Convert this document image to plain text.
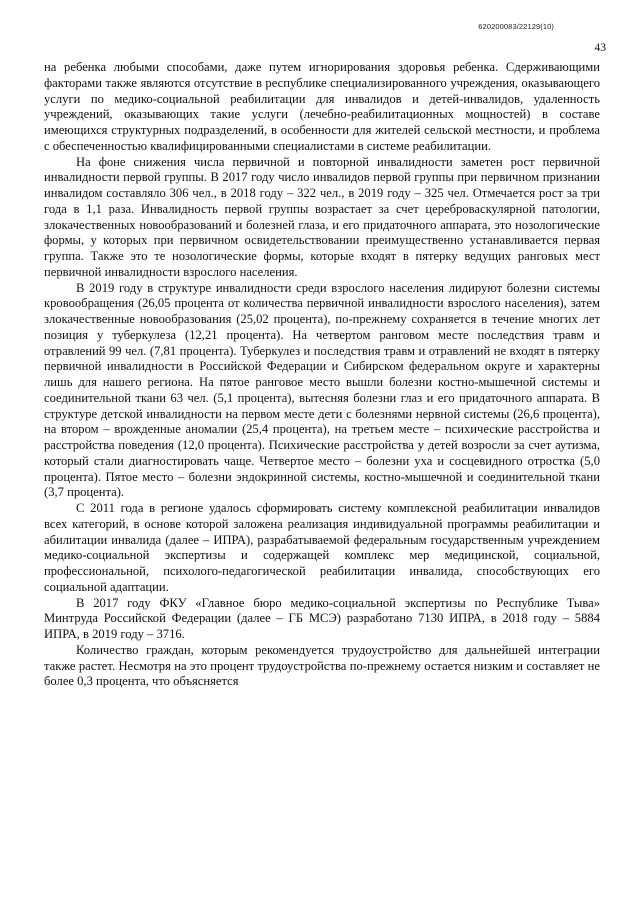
620200083/22129(10)
43

на ребенка любыми способами, даже путем игнорирования здоровья ребенка. Сдерживающими факторами также являются отсутствие в республике специализированного учреждения, оказывающего услуги по медико-социальной реабилитации для инвалидов и детей-инвалидов, удаленность учреждений, оказывающих такие услуги (лечебно-реабилитационных мощностей) в составе имеющихся структурных подразделений, в особенности для жителей сельской местности, и проблема с обеспеченностью квалифицированными специалистами в системе реабилитации.

На фоне снижения числа первичной и повторной инвалидности заметен рост первичной инвалидности первой группы. В 2017 году число инвалидов первой группы при первичном признании инвалидом составляло 306 чел., в 2018 году – 322 чел., в 2019 году – 325 чел. Отмечается рост за три года в 1,1 раза. Инвалидность первой группы возрастает за счет цереброваскулярной патологии, злокачественных новообразований и болезней глаза, и его придаточного аппарата, это нозологические формы, у которых при первичном освидетельствовании преимущественно устанавливается первая группа. Также это те нозологические формы, которые входят в пятерку ведущих ранговых мест первичной инвалидности взрослого населения.

В 2019 году в структуре инвалидности среди взрослого населения лидируют болезни системы кровообращения (26,05 процента от количества первичной инвалидности взрослого населения), затем злокачественные новообразования (25,02 процента), по-прежнему сохраняется в течение многих лет позиция у туберкулеза (12,21 процента). На четвертом ранговом месте последствия травм и отравлений 99 чел. (7,81 процента). Туберкулез и последствия травм и отравлений не входят в пятерку первичной инвалидности в Российской Федерации и Сибирском федеральном округе и характерны лишь для нашего региона. На пятое ранговое место вышли болезни костно-мышечной системы и соединительной ткани 63 чел. (5,1 процента), вытесняя болезни глаз и его придаточного аппарата. В структуре детской инвалидности на первом месте дети с болезнями нервной системы (26,6 процента), на втором – врожденные аномалии (25,4 процента), на третьем месте – психические расстройства и расстройства поведения (12,0 процента). Психические расстройства у детей возросли за счет аутизма, который стали диагностировать чаще. Четвертое место – болезни уха и сосцевидного отростка (5,0 процента). Пятое место – болезни эндокринной системы, костно-мышечной и соединительной ткани (3,7 процента).

С 2011 года в регионе удалось сформировать систему комплексной реабилитации инвалидов всех категорий, в основе которой заложена реализация индивидуальной программы реабилитации и абилитации инвалида (далее – ИПРА), разрабатываемой федеральным государственным учреждением медико-социальной экспертизы и содержащей комплекс мер медицинской, социальной, профессиональной, психолого-педагогической реабилитации инвалида, способствующих его социальной адаптации.

В 2017 году ФКУ «Главное бюро медико-социальной экспертизы по Республике Тыва» Минтруда Российской Федерации (далее – ГБ МСЭ) разработано 7130 ИПРА, в 2018 году – 5884 ИПРА, в 2019 году – 3716.

Количество граждан, которым рекомендуется трудоустройство для дальнейшей интеграции также растет. Несмотря на это процент трудоустройства по-прежнему остается низким и составляет не более 0,3 процента, что объясняется
